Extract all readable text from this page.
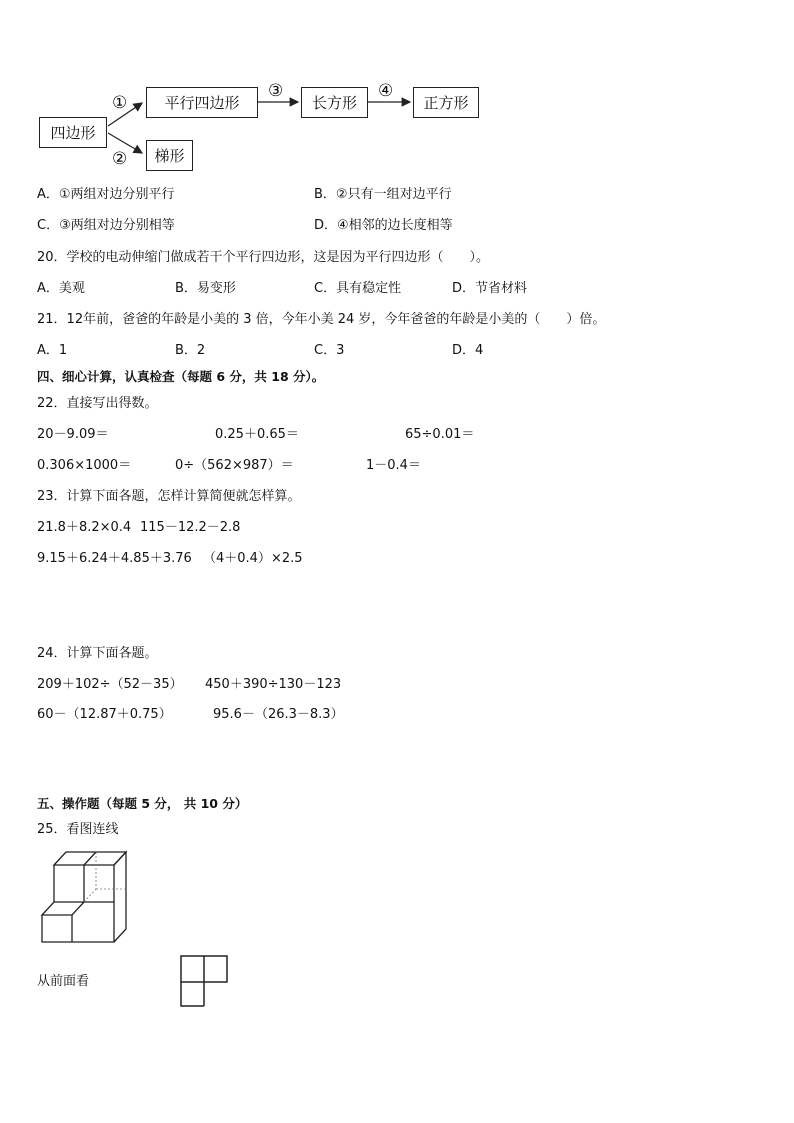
四边形
平行四边形	长方形	正方形
梯形
①
②
③	④
A．①两组对边分别平行	B．②只有一组对边平行
C．③两组对边分别相等	D．④相邻的边长度相等
20．学校的电动伸缩门做成若干个平行四边形，这是因为平行四边形（　　）。
A．美观	B．易变形	C．具有稳定性	D．节省材料
21．12年前，爸爸的年龄是小美的 3 倍，今年小美 24 岁，今年爸爸的年龄是小美的（　　）倍。
A．1	B．2	C．3	D．4
四、细心计算，认真检查（每题 6 分，共 18 分）。
22．直接写出得数。
20－9.09＝	0.25＋0.65＝	65÷0.01＝
0.306×1000＝	0÷（562×987）＝	1－0.4＝
23．计算下面各题，怎样计算简便就怎样算。
21.8＋8.2×0.4 115－12.2－2.8
9.15＋6.24＋4.85＋3.76 （4＋0.4）×2.5
24．计算下面各题。
209＋102÷（52－35） 450＋390÷130－123
60－（12.87＋0.75）	95.6－（26.3－8.3）
五、操作题（每题 5 分， 共 10 分）
25．看图连线
从前面看
